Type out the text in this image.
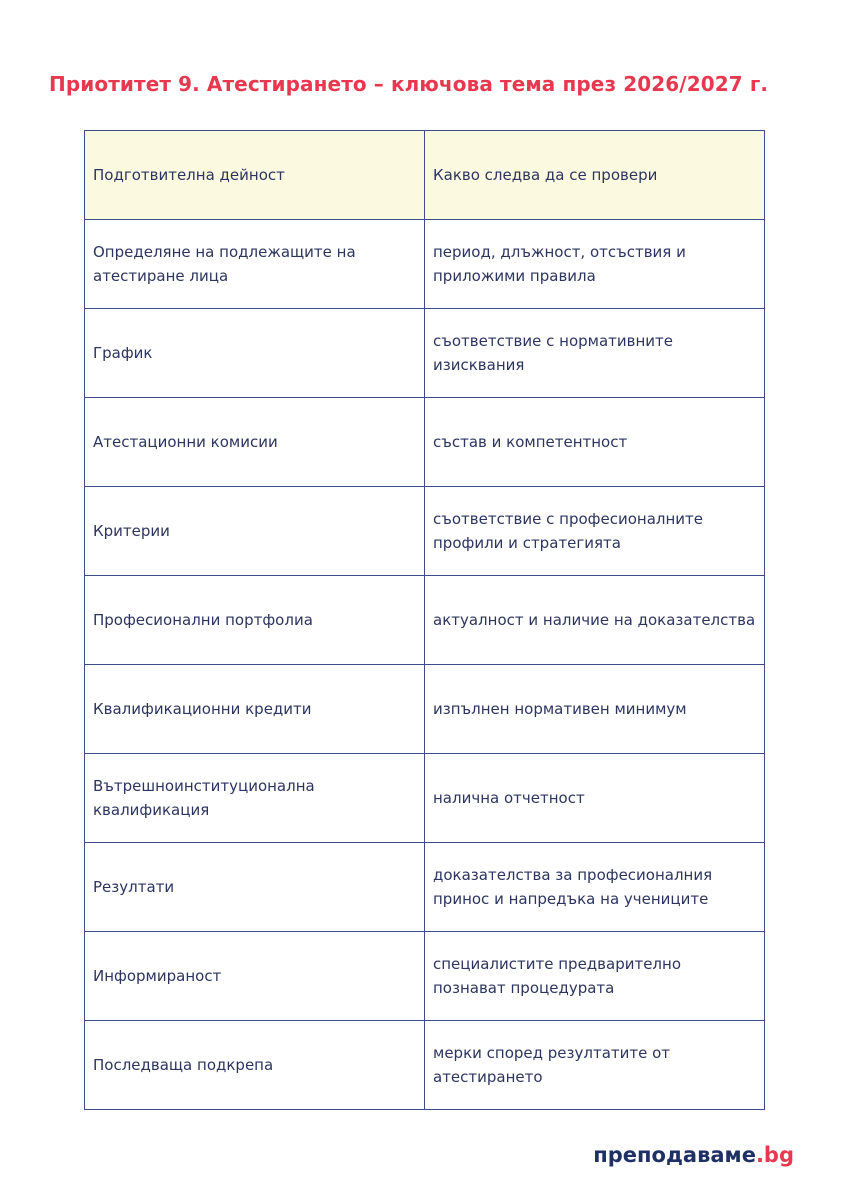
Приотитет 9. Атестирането – ключова тема през 2026/2027 г.
Подготвителна дейност	Какво следва да се провери
Определяне на подлежащите на атестиране лица	период, длъжност, отсъствия и приложими правила
График	съответствие с нормативните изисквания
Атестационни комисии	състав и компетентност
Критерии	съответствие с професионалните профили и стратегията
Професионални портфолиа	актуалност и наличие на доказателства
Квалификационни кредити	изпълнен нормативен минимум
Вътрешноинституционална квалификация	налична отчетност
Резултати	доказателства за професионалния принос и напредъка на учениците
Информираност	специалистите предварително познават процедурата
Последваща подкрепа	мерки според резултатите от атестирането
преподаваме.bg
